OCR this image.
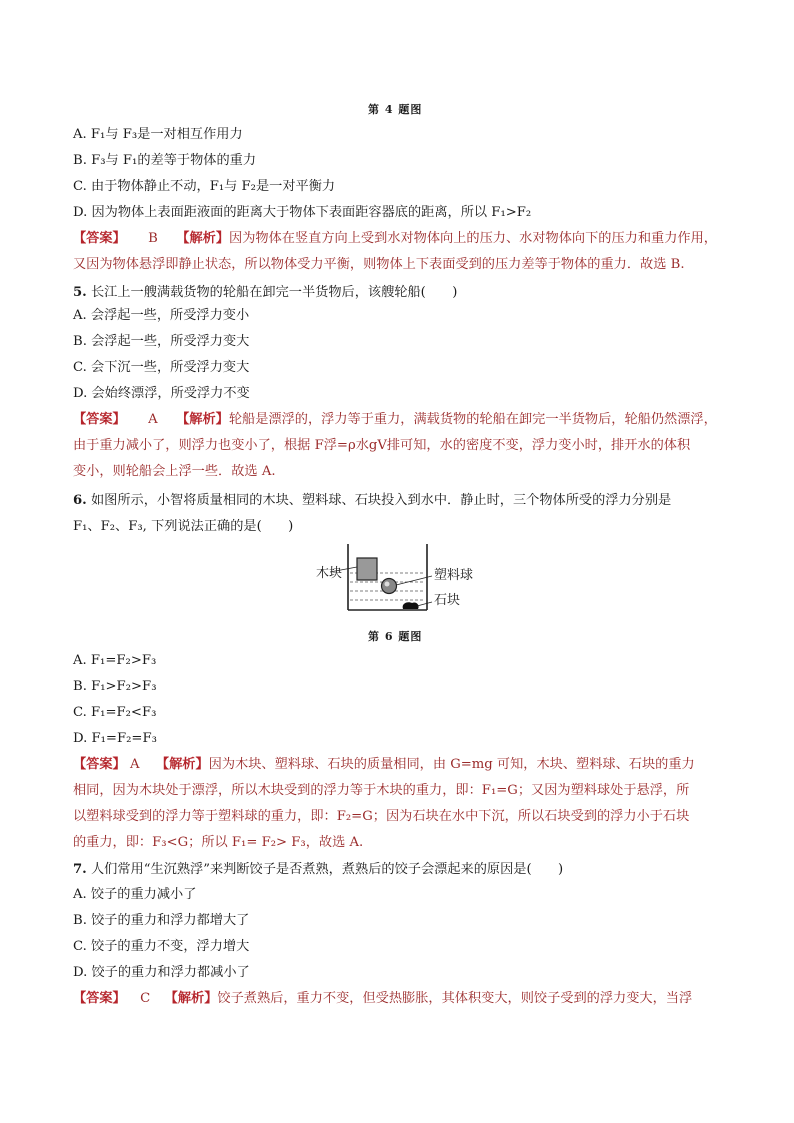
第 4 题图
A. F₁与 F₃是一对相互作用力
B. F₃与 F₁的差等于物体的重力
C. 由于物体静止不动，F₁与 F₂是一对平衡力
D. 因为物体上表面距液面的距离大于物体下表面距容器底的距离，所以 F₁>F₂
【答案】 B 【解析】因为物体在竖直方向上受到水对物体向上的压力、水对物体向下的压力和重力作用，
又因为物体悬浮即静止状态，所以物体受力平衡，则物体上下表面受到的压力差等于物体的重力．故选 B.
5. 长江上一艘满载货物的轮船在卸完一半货物后，该艘轮船(　　)
A. 会浮起一些，所受浮力变小
B. 会浮起一些，所受浮力变大
C. 会下沉一些，所受浮力变大
D. 会始终漂浮，所受浮力不变
【答案】 A 【解析】轮船是漂浮的，浮力等于重力，满载货物的轮船在卸完一半货物后，轮船仍然漂浮，
由于重力减小了，则浮力也变小了，根据 F浮=ρ水gV排可知，水的密度不变，浮力变小时，排开水的体积
变小，则轮船会上浮一些．故选 A.
6. 如图所示，小智将质量相同的木块、塑料球、石块投入到水中．静止时，三个物体所受的浮力分别是
F₁、F₂、F₃, 下列说法正确的是(　　)
木块	塑料球
石块
第 6 题图
A. F₁=F₂>F₃
B. F₁>F₂>F₃
C. F₁=F₂<F₃
D. F₁=F₂=F₃
【答案】 A 【解析】因为木块、塑料球、石块的质量相同，由 G=mg 可知，木块、塑料球、石块的重力
相同，因为木块处于漂浮，所以木块受到的浮力等于木块的重力，即：F₁=G；又因为塑料球处于悬浮，所
以塑料球受到的浮力等于塑料球的重力，即：F₂=G；因为石块在水中下沉，所以石块受到的浮力小于石块
的重力，即：F₃<G；所以 F₁= F₂> F₃，故选 A.
7. 人们常用“生沉熟浮”来判断饺子是否煮熟，煮熟后的饺子会漂起来的原因是(　　)
A. 饺子的重力减小了
B. 饺子的重力和浮力都增大了
C. 饺子的重力不变，浮力增大
D. 饺子的重力和浮力都减小了
【答案】 C 【解析】饺子煮熟后，重力不变，但受热膨胀，其体积变大，则饺子受到的浮力变大，当浮
